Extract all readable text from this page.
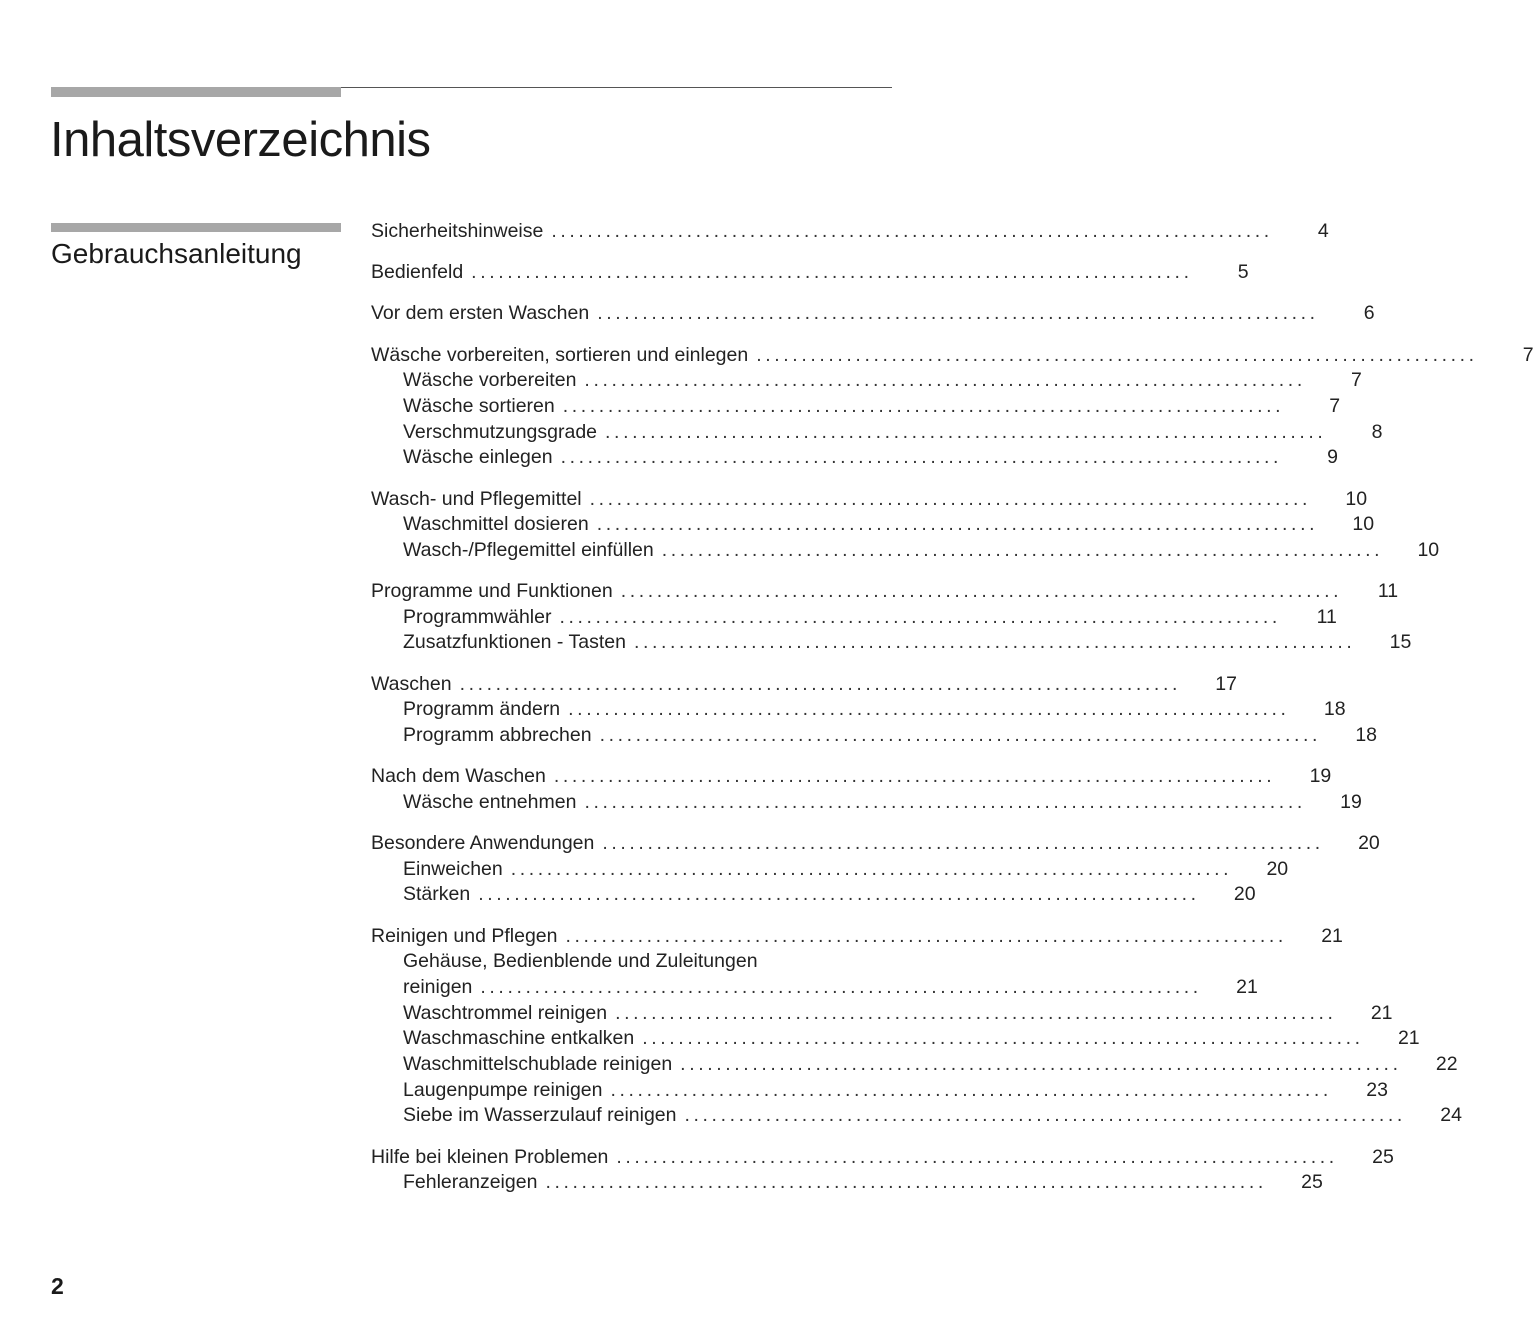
Inhaltsverzeichnis
Gebrauchsanleitung
Sicherheitshinweise ................................................................................	4
Bedienfeld ................................................................................	5
Vor dem ersten Waschen ................................................................................	6
Wäsche vorbereiten, sortieren und einlegen ................................................................................	7
Wäsche vorbereiten ................................................................................	7
Wäsche sortieren ................................................................................	7
Verschmutzungsgrade ................................................................................	8
Wäsche einlegen ................................................................................	9
Wasch- und Pflegemittel ................................................................................	10
Waschmittel dosieren ................................................................................	10
Wasch-/Pflegemittel einfüllen ................................................................................	10
Programme und Funktionen ................................................................................	11
Programmwähler ................................................................................	11
Zusatzfunktionen - Tasten ................................................................................	15
Waschen ................................................................................	17
Programm ändern ................................................................................	18
Programm abbrechen ................................................................................	18
Nach dem Waschen ................................................................................	19
Wäsche entnehmen ................................................................................	19
Besondere Anwendungen ................................................................................	20
Einweichen ................................................................................	20
Stärken ................................................................................	20
Reinigen und Pflegen ................................................................................	21
Gehäuse, Bedienblende und Zuleitungen
reinigen ................................................................................	21
Waschtrommel reinigen ................................................................................	21
Waschmaschine entkalken ................................................................................	21
Waschmittelschublade reinigen ................................................................................	22
Laugenpumpe reinigen ................................................................................	23
Siebe im Wasserzulauf reinigen ................................................................................	24
Hilfe bei kleinen Problemen ................................................................................	25
Fehleranzeigen ................................................................................	25
2
